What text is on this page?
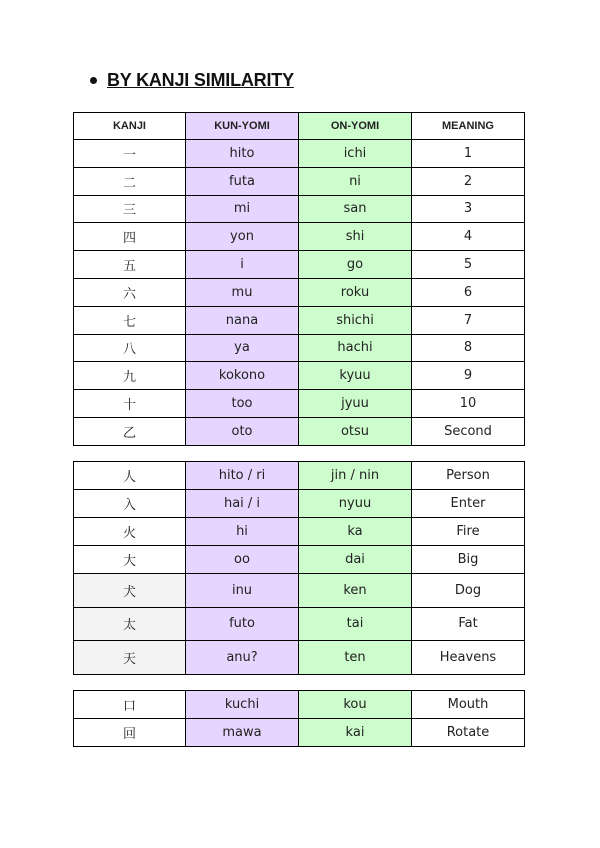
BY KANJI SIMILARITY
KANJI	KUN-YOMI	ON-YOMI	MEANING
一	hito	ichi	1
二	futa	ni	2
三	mi	san	3
四	yon	shi	4
五	i	go	5
六	mu	roku	6
七	nana	shichi	7
八	ya	hachi	8
九	kokono	kyuu	9
十	too	jyuu	10
乙	oto	otsu	Second
人	hito / ri	jin / nin	Person
入	hai / i	nyuu	Enter
火	hi	ka	Fire
大	oo	dai	Big
犬	inu	ken	Dog
太	futo	tai	Fat
天	anu?	ten	Heavens
口	kuchi	kou	Mouth
回	mawa	kai	Rotate
